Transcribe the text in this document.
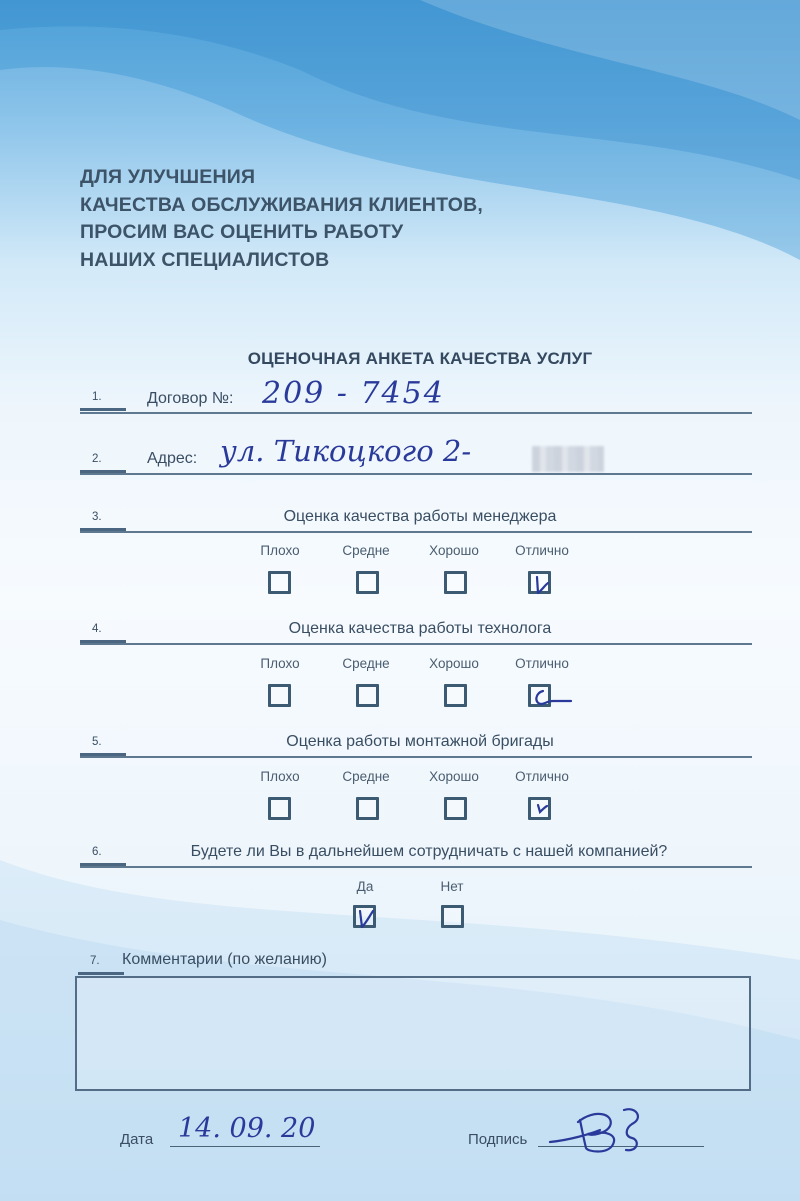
ДЛЯ УЛУЧШЕНИЯ
КАЧЕСТВА ОБСЛУЖИВАНИЯ КЛИЕНТОВ,
ПРОСИМ ВАС ОЦЕНИТЬ РАБОТУ
НАШИХ СПЕЦИАЛИСТОВ
ОЦЕНОЧНАЯ АНКЕТА КАЧЕСТВА УСЛУГ
1.	Договор №: 209 - 7454
2.	Адрес: ул. Тикоцкого 2-
3.	Оценка качества работы менеджера
Плохо	Средне	Хорошо	Отлично
4.	Оценка качества работы технолога
Плохо	Средне	Хорошо	Отлично
5.	Оценка работы монтажной бригады
Плохо	Средне	Хорошо	Отлично
6.	Будете ли Вы в дальнейшем сотрудничать с нашей компанией?
Да	Нет
7.	Комментарии (по желанию)
Дата 14. 09. 20	Подпись
